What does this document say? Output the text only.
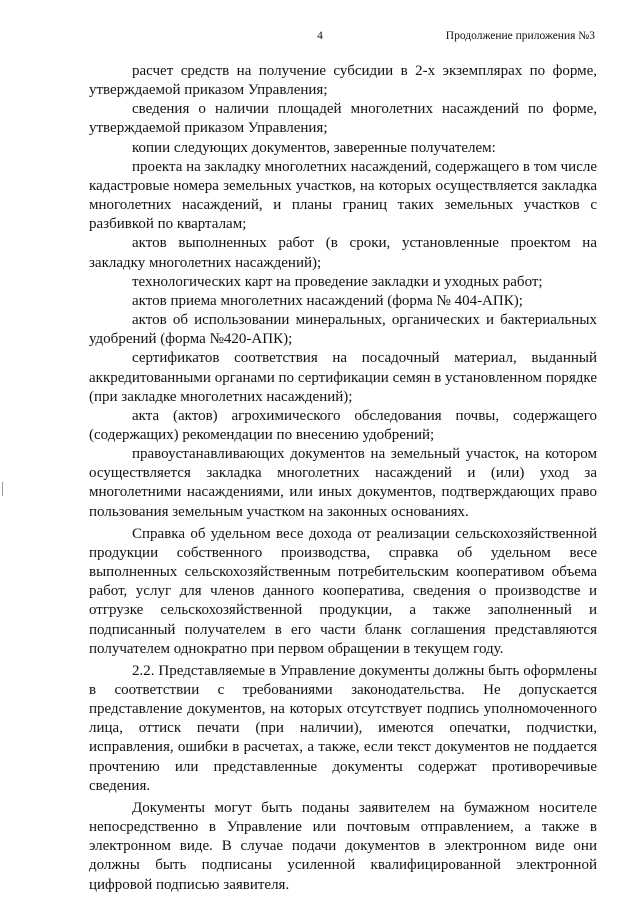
4	Продолжение приложения №3

расчет средств на получение субсидии в 2-х экземплярах по форме, утверждаемой приказом Управления;

сведения о наличии площадей многолетних насаждений по форме, утверждаемой приказом Управления;

копии следующих документов, заверенные получателем:

проекта на закладку многолетних насаждений, содержащего в том числе кадастровые номера земельных участков, на которых осуществляется закладка многолетних насаждений, и планы границ таких земельных участков с разбивкой по кварталам;

актов выполненных работ (в сроки, установленные проектом на закладку многолетних насаждений);

технологических карт на проведение закладки и уходных работ;

актов приема многолетних насаждений (форма № 404-АПК);

актов об использовании минеральных, органических и бактериальных удобрений (форма №420-АПК);

сертификатов соответствия на посадочный материал, выданный аккредитованными органами по сертификации семян в установленном порядке (при закладке многолетних насаждений);

акта (актов) агрохимического обследования почвы, содержащего (содержащих) рекомендации по внесению удобрений;

правоустанавливающих документов на земельный участок, на котором осуществляется закладка многолетних насаждений и (или) уход за многолетними насаждениями, или иных документов, подтверждающих право пользования земельным участком на законных основаниях.

Справка об удельном весе дохода от реализации сельскохозяйственной продукции собственного производства, справка об удельном весе выполненных сельскохозяйственным потребительским кооперативом объема работ, услуг для членов данного кооператива, сведения о производстве и отгрузке сельскохозяйственной продукции, а также заполненный и подписанный получателем в его части бланк соглашения представляются получателем однократно при первом обращении в текущем году.

2.2. Представляемые в Управление документы должны быть оформлены в соответствии с требованиями законодательства. Не допускается представление документов, на которых отсутствует подпись уполномоченного лица, оттиск печати (при наличии), имеются опечатки, подчистки, исправления, ошибки в расчетах, а также, если текст документов не поддается прочтению или представленные документы содержат противоречивые сведения.

Документы могут быть поданы заявителем на бумажном носителе непосредственно в Управление или почтовым отправлением, а также в электронном виде. В случае подачи документов в электронном виде они должны быть подписаны усиленной квалифицированной электронной цифровой подписью заявителя.
